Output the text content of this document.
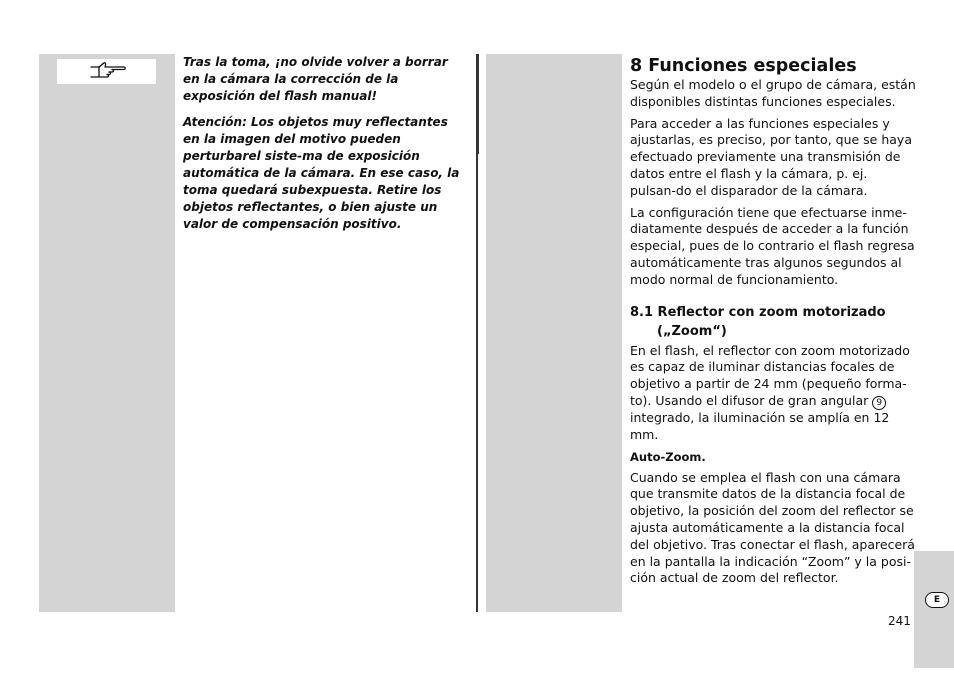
Tras la toma, ¡no olvide volver a borrar en la cámara la corrección de la exposición del flash manual!

Atención: Los objetos muy reflectantes en la imagen del motivo pueden perturbarel siste-ma de exposición automática de la cámara. En ese caso, la toma quedará subexpuesta. Retire los objetos reflectantes, o bien ajuste un valor de compensación positivo.

8 Funciones especiales

Según el modelo o el grupo de cámara, están disponibles distintas funciones especiales.

Para acceder a las funciones especiales y ajustarlas, es preciso, por tanto, que se haya efectuado previamente una transmisión de datos entre el flash y la cámara, p. ej. pulsan-do el disparador de la cámara.

La configuración tiene que efectuarse inme-diatamente después de acceder a la función especial, pues de lo contrario el flash regresa automáticamente tras algunos segundos al modo normal de funcionamiento.

8.1 Reflector con zoom motorizado
(„Zoom“)

En el flash, el reflector con zoom motorizado es capaz de iluminar distancias focales de objetivo a partir de 24 mm (pequeño forma-to). Usando el difusor de gran angular 9 integrado, la iluminación se amplía en 12 mm.

Auto-Zoom.

Cuando se emplea el flash con una cámara que transmite datos de la distancia focal de objetivo, la posición del zoom del reflector se ajusta automáticamente a la distancia focal del objetivo. Tras conectar el flash, aparecerá en la pantalla la indicación “Zoom” y la posi-ción actual de zoom del reflector.

E
241
